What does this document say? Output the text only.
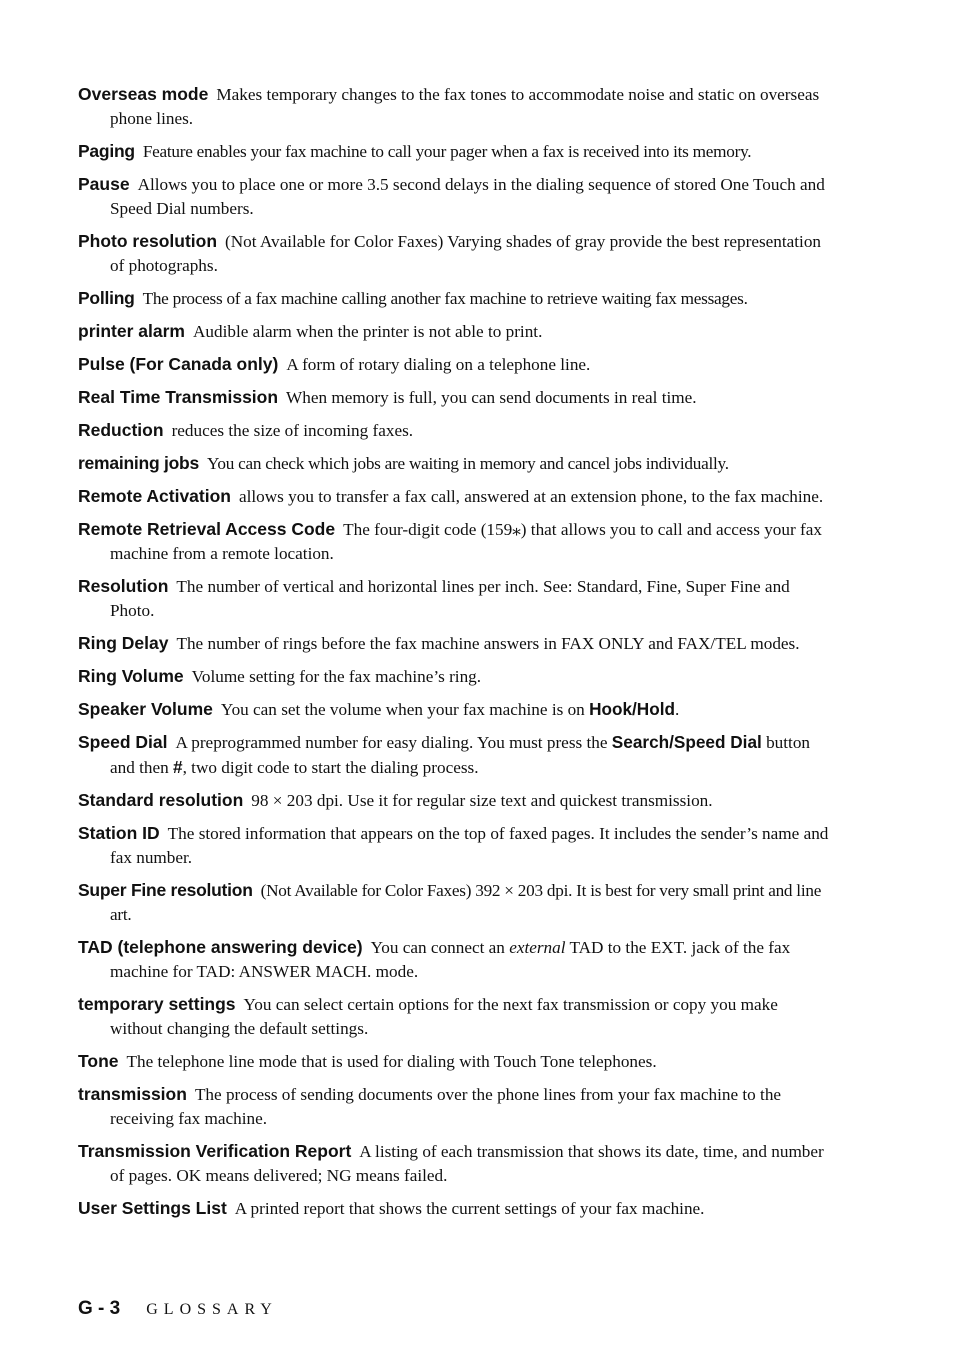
Overseas mode Makes temporary changes to the fax tones to accommodate noise and static on overseas phone lines.
Paging Feature enables your fax machine to call your pager when a fax is received into its memory.
Pause Allows you to place one or more 3.5 second delays in the dialing sequence of stored One Touch and Speed Dial numbers.
Photo resolution (Not Available for Color Faxes) Varying shades of gray provide the best representation of photographs.
Polling The process of a fax machine calling another fax machine to retrieve waiting fax messages.
printer alarm Audible alarm when the printer is not able to print.
Pulse (For Canada only) A form of rotary dialing on a telephone line.
Real Time Transmission When memory is full, you can send documents in real time.
Reduction reduces the size of incoming faxes.
remaining jobs You can check which jobs are waiting in memory and cancel jobs individually.
Remote Activation allows you to transfer a fax call, answered at an extension phone, to the fax machine.
Remote Retrieval Access Code The four-digit code (159⁎) that allows you to call and access your fax machine from a remote location.
Resolution The number of vertical and horizontal lines per inch. See: Standard, Fine, Super Fine and Photo.
Ring Delay The number of rings before the fax machine answers in FAX ONLY and FAX/TEL modes.
Ring Volume Volume setting for the fax machine’s ring.
Speaker Volume You can set the volume when your fax machine is on Hook/Hold.
Speed Dial A preprogrammed number for easy dialing. You must press the Search/Speed Dial button and then #, two digit code to start the dialing process.
Standard resolution 98 × 203 dpi. Use it for regular size text and quickest transmission.
Station ID The stored information that appears on the top of faxed pages. It includes the sender’s name and fax number.
Super Fine resolution (Not Available for Color Faxes) 392 × 203 dpi. It is best for very small print and line art.
TAD (telephone answering device) You can connect an external TAD to the EXT. jack of the fax machine for TAD: ANSWER MACH. mode.
temporary settings You can select certain options for the next fax transmission or copy you make without changing the default settings.
Tone The telephone line mode that is used for dialing with Touch Tone telephones.
transmission The process of sending documents over the phone lines from your fax machine to the receiving fax machine.
Transmission Verification Report A listing of each transmission that shows its date, time, and number of pages. OK means delivered; NG means failed.
User Settings List A printed report that shows the current settings of your fax machine.
G - 3 GLOSSARY
